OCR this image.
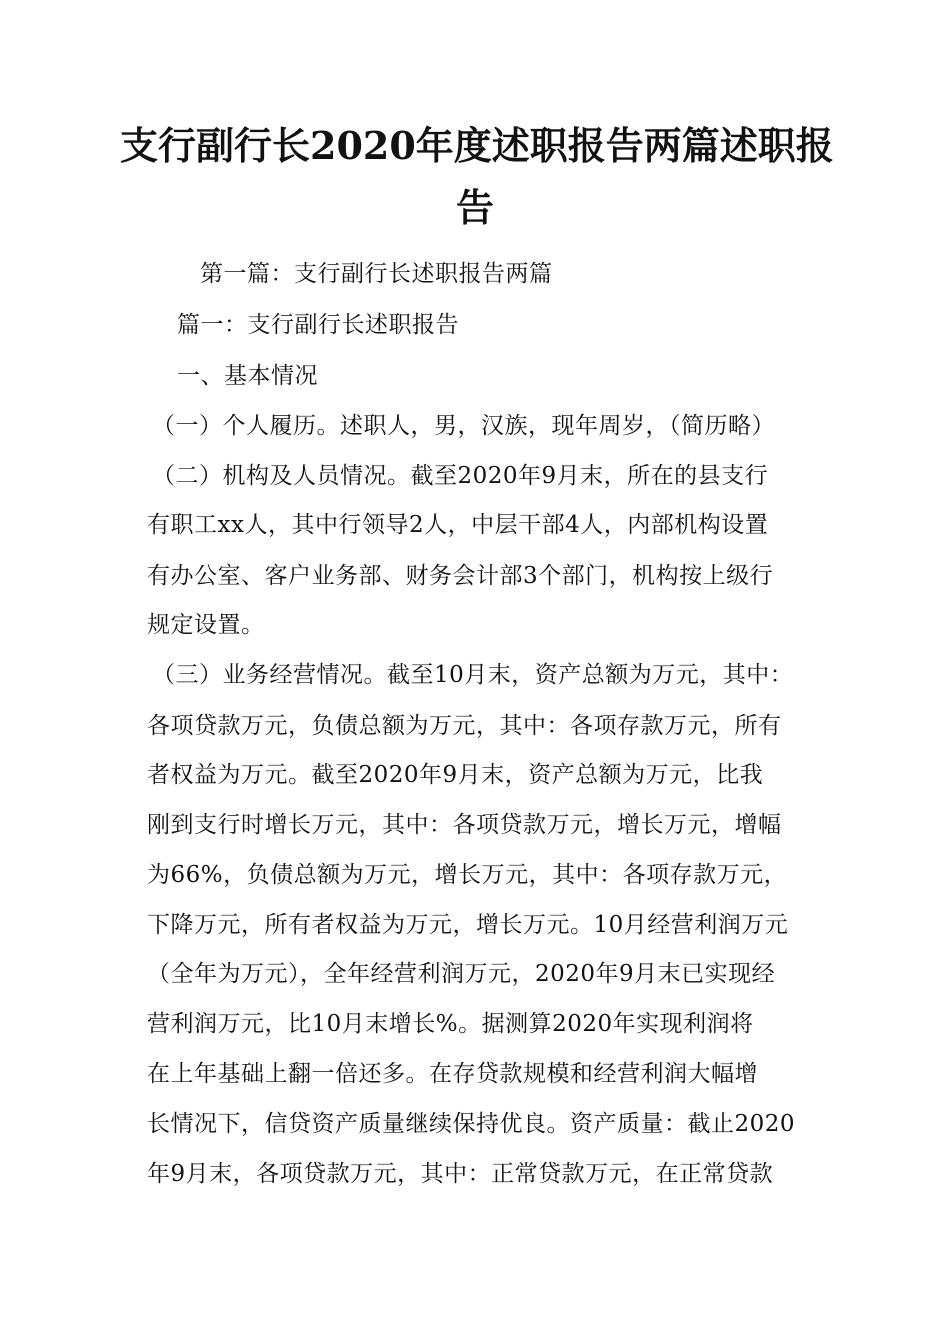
支行副行长2020年度述职报告两篇述职报
告
第一篇：支行副行长述职报告两篇
篇一：支行副行长述职报告
一、基本情况
（一）个人履历。述职人，男，汉族，现年周岁，（简历略）
（二）机构及人员情况。截至2020年9月末，所在的县支行
有职工xx人，其中行领导2人，中层干部4人，内部机构设置
有办公室、客户业务部、财务会计部3个部门，机构按上级行
规定设置。
（三）业务经营情况。截至10月末，资产总额为万元，其中：
各项贷款万元，负债总额为万元，其中：各项存款万元，所有
者权益为万元。截至2020年9月末，资产总额为万元，比我
刚到支行时增长万元，其中：各项贷款万元，增长万元，增幅
为66%，负债总额为万元，增长万元，其中：各项存款万元，
下降万元，所有者权益为万元，增长万元。10月经营利润万元
（全年为万元），全年经营利润万元，2020年9月末已实现经
营利润万元，比10月末增长%。据测算2020年实现利润将
在上年基础上翻一倍还多。在存贷款规模和经营利润大幅增
长情况下，信贷资产质量继续保持优良。资产质量：截止2020
年9月末，各项贷款万元，其中：正常贷款万元，在正常贷款
